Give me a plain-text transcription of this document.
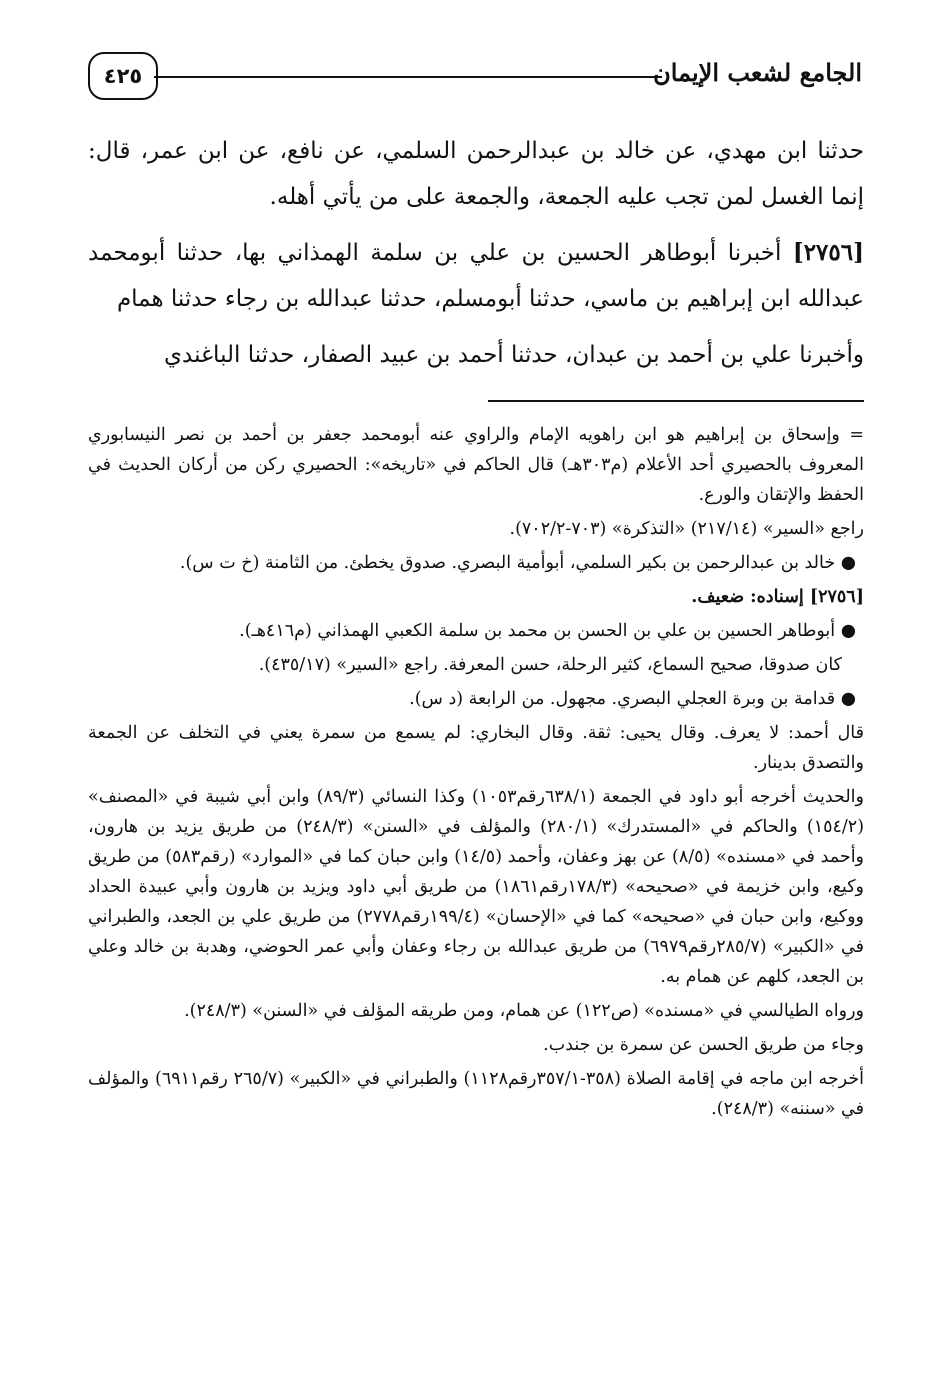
٤٢٥	الجامع لشعب الإيمان

حدثنا ابن مهدي، عن خالد بن عبدالرحمن السلمي، عن نافع، عن ابن عمر، قال: إنما الغسل لمن تجب عليه الجمعة، والجمعة على من يأتي أهله.

[٢٧٥٦] أخبرنا أبوطاهر الحسين بن علي بن سلمة الهمذاني بها، حدثنا أبومحمد عبدالله ابن إبراهيم بن ماسي، حدثنا أبومسلم، حدثنا عبدالله بن رجاء حدثنا همام

وأخبرنا علي بن أحمد بن عبدان، حدثنا أحمد بن عبيد الصفار، حدثنا الباغندي

= وإسحاق بن إبراهيم هو ابن راهويه الإمام والراوي عنه أبومحمد جعفر بن أحمد بن نصر النيسابوري المعروف بالحصيري أحد الأعلام (م٣٠٣هـ) قال الحاكم في «تاريخه»: الحصيري ركن من أركان الحديث في الحفظ والإتقان والورع.

راجع «السير» (٢١٧/١٤) «التذكرة» (٧٠٣-٧٠٢/٢).

● خالد بن عبدالرحمن بن بكير السلمي، أبوأمية البصري. صدوق يخطئ. من الثامنة (خ ت س).

[٢٧٥٦] إسناده: ضعيف.

● أبوطاهر الحسين بن علي بن الحسن بن محمد بن سلمة الكعبي الهمذاني (م٤١٦هـ).

كان صدوقا، صحيح السماع، كثير الرحلة، حسن المعرفة. راجع «السير» (٤٣٥/١٧).

● قدامة بن وبرة العجلي البصري. مجهول. من الرابعة (د س).

قال أحمد: لا يعرف. وقال يحيى: ثقة. وقال البخاري: لم يسمع من سمرة يعني في التخلف عن الجمعة والتصدق بدينار.

والحديث أخرجه أبو داود في الجمعة (٦٣٨/١رقم١٠٥٣) وكذا النسائي (٨٩/٣) وابن أبي شيبة في «المصنف» (١٥٤/٢) والحاكم في «المستدرك» (٢٨٠/١) والمؤلف في «السنن» (٢٤٨/٣) من طريق يزيد بن هارون، وأحمد في «مسنده» (٨/٥) عن بهز وعفان، وأحمد (١٤/٥) وابن حبان كما في «الموارد» (رقم٥٨٣) من طريق وكيع، وابن خزيمة في «صحيحه» (١٧٨/٣رقم١٨٦١) من طريق أبي داود ويزيد بن هارون وأبي عبيدة الحداد ووكيع، وابن حبان في «صحيحه» كما في «الإحسان» (١٩٩/٤رقم٢٧٧٨) من طريق علي بن الجعد، والطبراني في «الكبير» (٢٨٥/٧رقم٦٩٧٩) من طريق عبدالله بن رجاء وعفان وأبي عمر الحوضي، وهدبة بن خالد وعلي بن الجعد، كلهم عن همام به.

ورواه الطيالسي في «مسنده» (ص١٢٢) عن همام، ومن طريقه المؤلف في «السنن» (٢٤٨/٣).

وجاء من طريق الحسن عن سمرة بن جندب.

أخرجه ابن ماجه في إقامة الصلاة (٣٥٨-٣٥٧/١رقم١١٢٨) والطبراني في «الكبير» (٢٦٥/٧ رقم٦٩١١) والمؤلف في «سننه» (٢٤٨/٣).
